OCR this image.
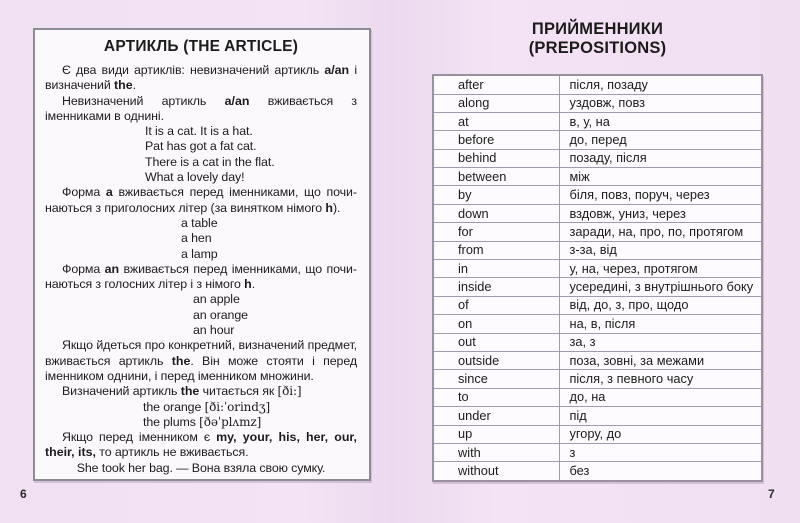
АРТИКЛЬ (THE ARTICLE)

Є два види артиклів: невизначений артикль a/an і визначений the.

Невизначений артикль a/an вживається з іменниками в однині.

It is a cat. It is a hat.
Pat has got a fat cat.
There is a cat in the flat.
What a lovely day!

Форма a вживається перед іменниками, що починаються з приголосних літер (за винятком німого h).

a table
a hen
a lamp

Форма an вживається перед іменниками, що починаються з голосних літер і з німого h.

an apple
an orange
an hour

Якщо йдеться про конкретний, визначений предмет, вживається артикль the. Він може стояти і перед іменником однини, і перед іменником множини.

Визначений артикль the читається як [ði:]

the orange [ði:ˈorindʒ]
the plums [ðəˈplʌmz]

Якщо перед іменником є my, your, his, her, our, their, its, то артикль не вживається.

She took her bag. — Вона взяла свою сумку.
6
ПРИЙМЕННИКИ
(PREPOSITIONS)
after	після, позаду
along	уздовж, повз
at	в, у, на
before	до, перед
behind	позаду, після
between	між
by	біля, повз, поруч, через
down	вздовж, униз, через
for	заради, на, про, по, протягом
from	з-за, від
in	у, на, через, протягом
inside	усередині, з внутрішнього боку
of	від, до, з, про, щодо
on	на, в, після
out	за, з
outside	поза, зовні, за межами
since	після, з певного часу
to	до, на
under	під
up	угору, до
with	з
without	без
7
